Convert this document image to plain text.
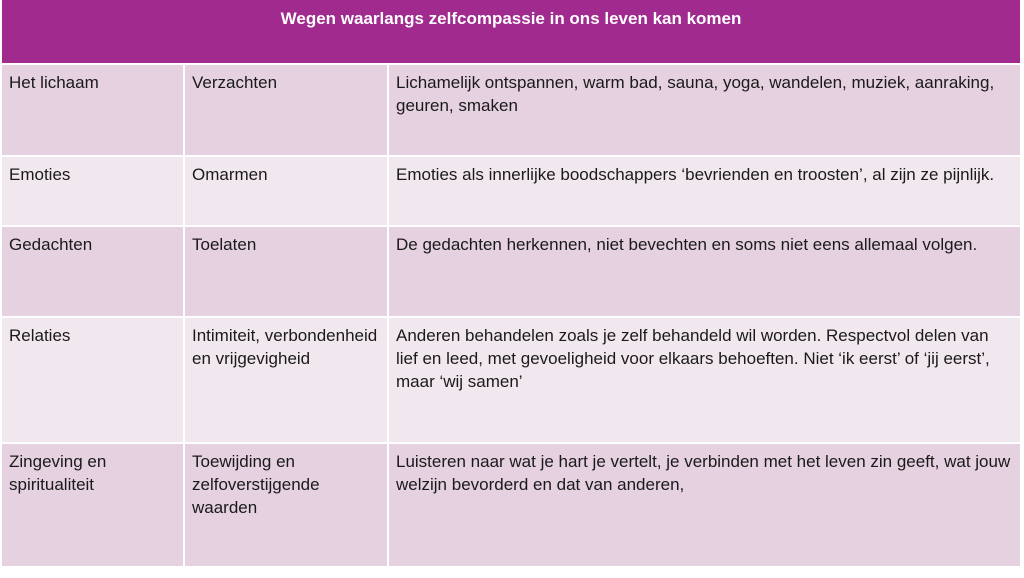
Wegen waarlangs zelfcompassie in ons leven kan komen		
Het lichaam	Verzachten	Lichamelijk ontspannen, warm bad, sauna, yoga, wandelen, muziek, aanraking, geuren, smaken
Emoties	Omarmen	Emoties als innerlijke boodschappers ‘bevrienden en troosten’, al zijn ze pijnlijk.
Gedachten	Toelaten	De gedachten herkennen, niet bevechten en soms niet eens allemaal volgen.
Relaties	Intimiteit, verbondenheid en vrijgevigheid	Anderen behandelen zoals je zelf behandeld wil worden. Respectvol delen van lief en leed, met gevoeligheid voor elkaars behoeften. Niet ‘ik eerst’ of ‘jij eerst’, maar ‘wij samen’
Zingeving en spiritualiteit	Toewijding en zelfoverstijgende waarden	Luisteren naar wat je hart je vertelt, je verbinden met het leven zin geeft, wat jouw welzijn bevorderd en dat van anderen,
